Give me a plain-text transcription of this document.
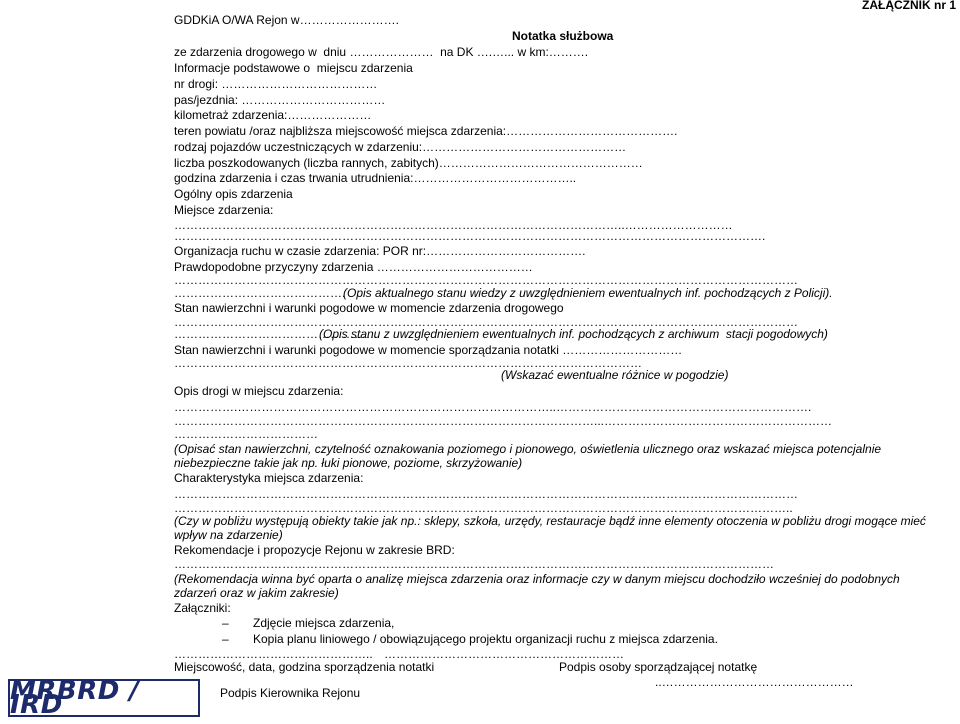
GDDKiA O/WA Rejon w…………………….
ZAŁĄCZNIK nr 1
Notatka służbowa
ze zdarzenia drogowego w  dniu …………………  na DK ….…... w km:……….
Informacje podstawowe o  miejscu zdarzenia
nr drogi: …………………………………
pas/jezdnia: ………………………………
kilometraż zdarzenia:…………………
teren powiatu /oraz najbliższa miejscowość miejsca zdarzenia:…………………………………….
rodzaj pojazdów uczestniczących w zdarzeniu:……………………………………………
liczba poszkodowanych (liczba rannych, zabitych)……………………………………………
godzina zdarzenia i czas trwania utrudnienia:…………………………………..
Ogólny opis zdarzenia
Miejsce zdarzenia:
…………………………………………………………………………………………………..………………………
………………………………………………………………………………………………………………………………….
Organizacja ruchu w czasie zdarzenia: POR nr:………………………………….
Prawdopodobne przyczyny zdarzenia …………………………………
…………………………………………………………………………………………………………………………………………
…………………………………….
(Opis aktualnego stanu wiedzy z uwzględnieniem ewentualnych inf. pochodzących z Policji).
Stan nawierzchni i warunki pogodowe w momencie zdarzenia drogowego
…………………………………………………………………………………………………………………………………………
……………………………………………
(Opis stanu z uwzględnieniem ewentualnych inf. pochodzących z archiwum  stacji pogodowych)
Stan nawierzchni i warunki pogodowe w momencie sporządzania notatki …………………………
………………………………………………………………………………………………………
(Wskazać ewentualne różnice w pogodzie)
Opis drogi w miejscu zdarzenia:
…………….……………………………………………………………………..……………………………………………………….
……………………………………………………………………………………………...…………………………………………………
………………………………
(Opisać stan nawierzchni, czytelność oznakowania poziomego i pionowego, oświetlenia ulicznego oraz wskazać miejsca potencjalnie
niebezpieczne takie jak np. łuki pionowe, poziome, skrzyżowanie)
Charakterystyka miejsca zdarzenia:
…………………………………………………………………………………………………………………………………………
………………………………………………………………………………………………………………………………………..
(Czy w pobliżu występują obiekty takie jak np.: sklepy, szkoła, urzędy, restauracje bądź inne elementy otoczenia w pobliżu drogi mogące mieć
wpływ na zdarzenie)
Rekomendacje i propozycje Rejonu w zakresie BRD:
……………………………………………………………………………………………………………………………………
(Rekomendacja winna być oparta o analizę miejsca zdarzenia oraz informacje czy w danym miejscu dochodziło wcześniej do podobnych
zdarzeń oraz w jakim zakresie)
Załączniki:
– Zdjęcie miejsca zdarzenia,
– Kopia planu liniowego / obowiązującego projektu organizacji ruchu z miejsca zdarzenia.
………………………………………….. ……………………………………………………
Miejscowość, data, godzina sporządzenia notatki	Podpis osoby sporządzającej notatkę
..…………………………………………
Podpis Kierownika Rejonu
MRBRD / IRD
